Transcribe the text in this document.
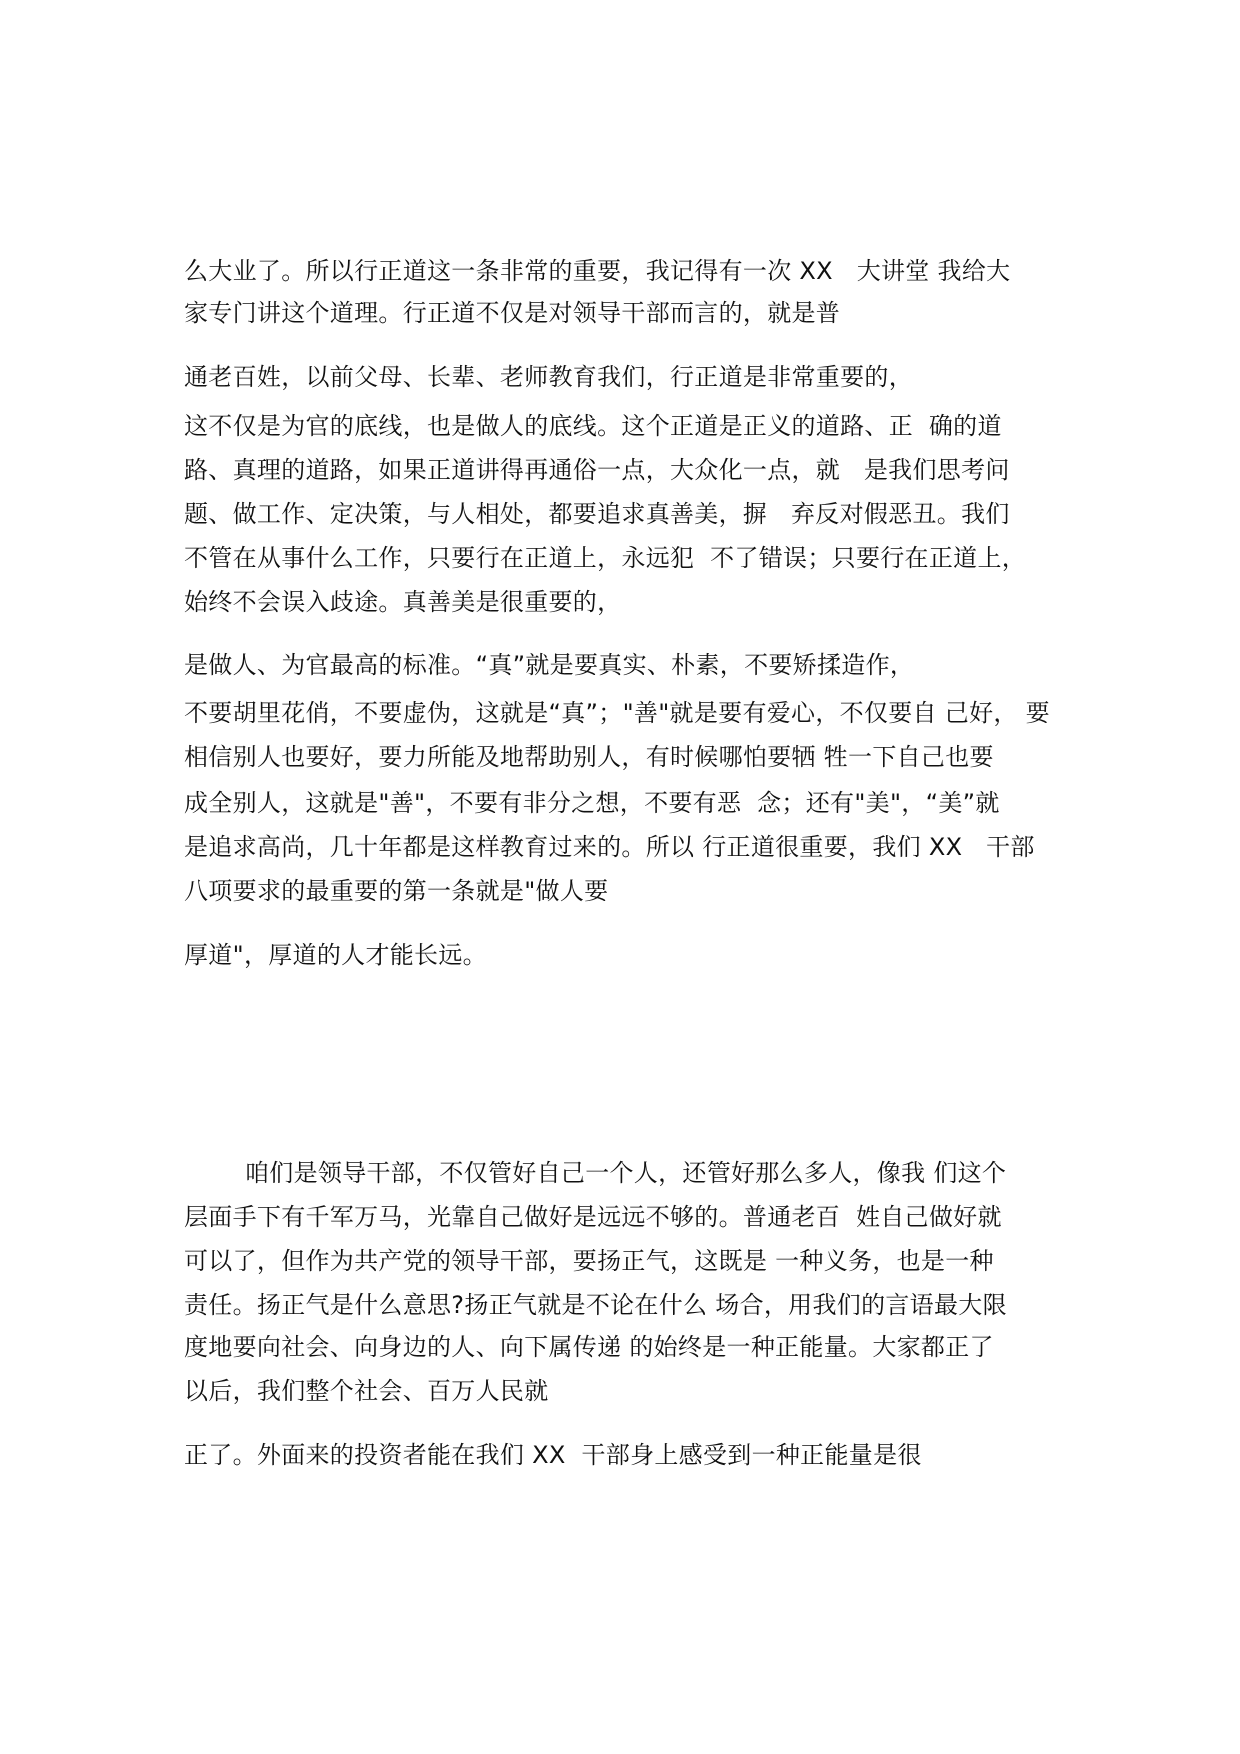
么大业了。所以行正道这一条非常的重要，我记得有一次 XX   大讲堂 我给大
家专门讲这个道理。行正道不仅是对领导干部而言的，就是普
通老百姓，以前父母、长辈、老师教育我们，行正道是非常重要的，
这不仅是为官的底线，也是做人的底线。这个正道是正义的道路、正  确的道
路、真理的道路，如果正道讲得再通俗一点，大众化一点，就   是我们思考问
题、做工作、定决策，与人相处，都要追求真善美，摒   弃反对假恶丑。我们
不管在从事什么工作，只要行在正道上，永远犯  不了错误；只要行在正道上，
始终不会误入歧途。真善美是很重要的，
是做人、为官最高的标准。“真”就是要真实、朴素，不要矫揉造作，
不要胡里花俏，不要虚伪，这就是“真”；"善"就是要有爱心，不仅要自 己好， 要
相信别人也要好，要力所能及地帮助别人，有时候哪怕要牺 牲一下自己也要
成全别人，这就是"善"，不要有非分之想，不要有恶  念；还有"美"，“美”就
是追求高尚，几十年都是这样教育过来的。所以 行正道很重要，我们 XX   干部
八项要求的最重要的第一条就是"做人要
厚道"，厚道的人才能长远。
咱们是领导干部，不仅管好自己一个人，还管好那么多人，像我 们这个
层面手下有千军万马，光靠自己做好是远远不够的。普通老百  姓自己做好就
可以了，但作为共产党的领导干部，要扬正气，这既是 一种义务，也是一种
责任。扬正气是什么意思?扬正气就是不论在什么 场合，用我们的言语最大限
度地要向社会、向身边的人、向下属传递 的始终是一种正能量。大家都正了
以后，我们整个社会、百万人民就
正了。外面来的投资者能在我们 XX  干部身上感受到一种正能量是很
